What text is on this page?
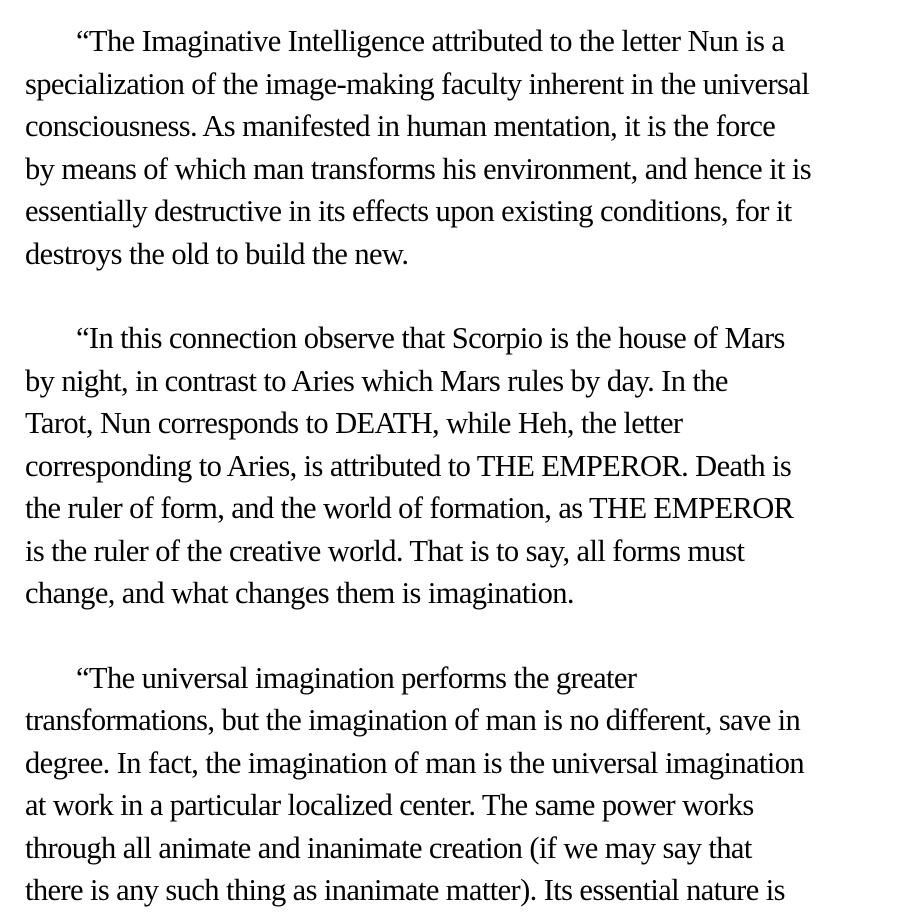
“The Imaginative Intelligence attributed to the letter Nun is a
specialization of the image-making faculty inherent in the universal
consciousness. As manifested in human mentation, it is the force
by means of which man transforms his environment, and hence it is
essentially destructive in its effects upon existing conditions, for it
destroys the old to build the new.
“In this connection observe that Scorpio is the house of Mars
by night, in contrast to Aries which Mars rules by day. In the
Tarot, Nun corresponds to DEATH, while Heh, the letter
corresponding to Aries, is attributed to THE EMPEROR. Death is
the ruler of form, and the world of formation, as THE EMPEROR
is the ruler of the creative world. That is to say, all forms must
change, and what changes them is imagination.
“The universal imagination performs the greater
transformations, but the imagination of man is no different, save in
degree. In fact, the imagination of man is the universal imagination
at work in a particular localized center. The same power works
through all animate and inanimate creation (if we may say that
there is any such thing as inanimate matter). Its essential nature is
